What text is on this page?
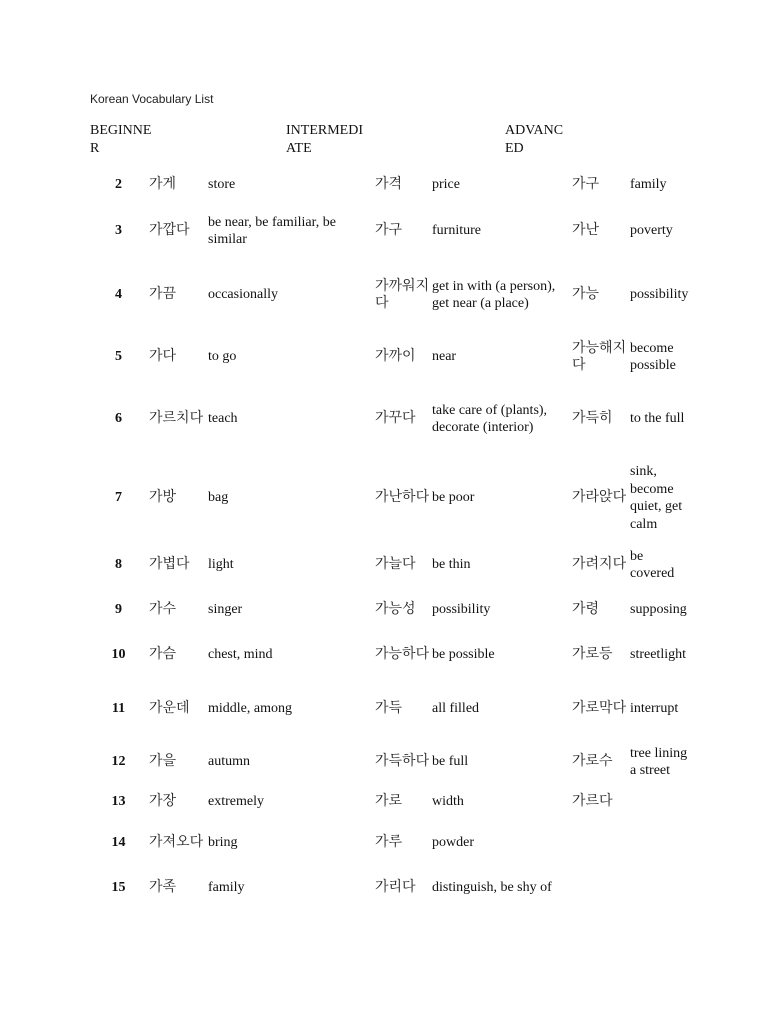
Korean Vocabulary List
BEGINNER
INTERMEDIATE
ADVANCED
2	가게	store	가격	price	가구	family
3	가깝다	be near, be familiar, be similar	가구	furniture	가난	poverty
4	가끔	occasionally	가까워지다	get in with (a person), get near (a place)	가능	possibility
5	가다	to go	가까이	near	가능해지다	become possible
6	가르치다	teach	가꾸다	take care of (plants), decorate (interior)	가득히	to the full
7	가방	bag	가난하다	be poor	가라앉다	sink, become quiet, get calm
8	가볍다	light	가늘다	be thin	가려지다	be covered
9	가수	singer	가능성	possibility	가령	supposing
10	가슴	chest, mind	가능하다	be possible	가로등	streetlight
11	가운데	middle, among	가득	all filled	가로막다	interrupt
12	가을	autumn	가득하다	be full	가로수	tree lining a street
13	가장	extremely	가로	width	가르다	
14	가져오다	bring	가루	powder		
15	가족	family	가리다	distinguish, be shy of		
